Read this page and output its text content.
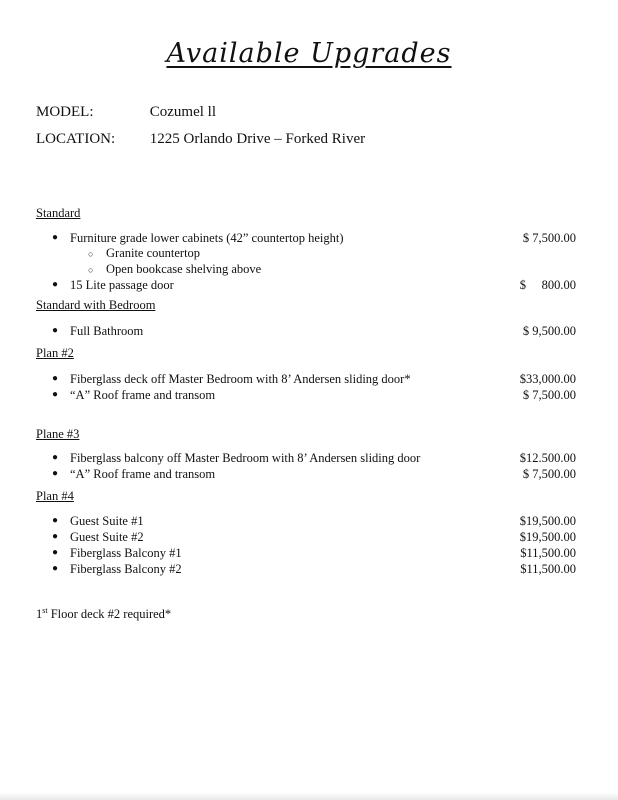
Available Upgrades
MODEL:	Cozumel ll
LOCATION: 1225 Orlando Drive – Forked River
Standard
● Furniture grade lower cabinets (42” countertop height)	$ 7,500.00
○ Granite countertop
○ Open bookcase shelving above
● 15 Lite passage door	$     800.00
Standard with Bedroom
● Full Bathroom	$ 9,500.00
Plan #2
● Fiberglass deck off Master Bedroom with 8’ Andersen sliding door*	$33,000.00
● “A” Roof frame and transom	$ 7,500.00
Plane #3
● Fiberglass balcony off Master Bedroom with 8’ Andersen sliding door	$12.500.00
● “A” Roof frame and transom	$ 7,500.00
Plan #4
● Guest Suite #1	$19,500.00
● Guest Suite #2	$19,500.00
● Fiberglass Balcony #1	$11,500.00
● Fiberglass Balcony #2	$11,500.00
1st Floor deck #2 required*
